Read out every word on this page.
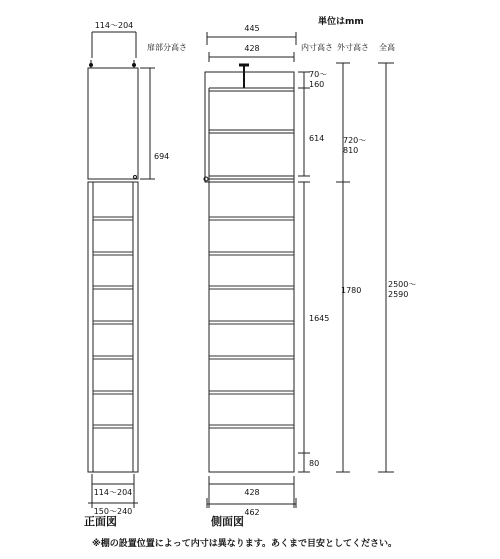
114〜204
扉部分高さ
694
114〜204
150〜240
正面図
445
428
70〜 160
614
1645
80
720〜 810
1780
2500〜 2590
428
462
側面図
単位はmm
内寸高さ 外寸高さ 全高
※棚の設置位置によって内寸は異なります。あくまで目安としてください。
